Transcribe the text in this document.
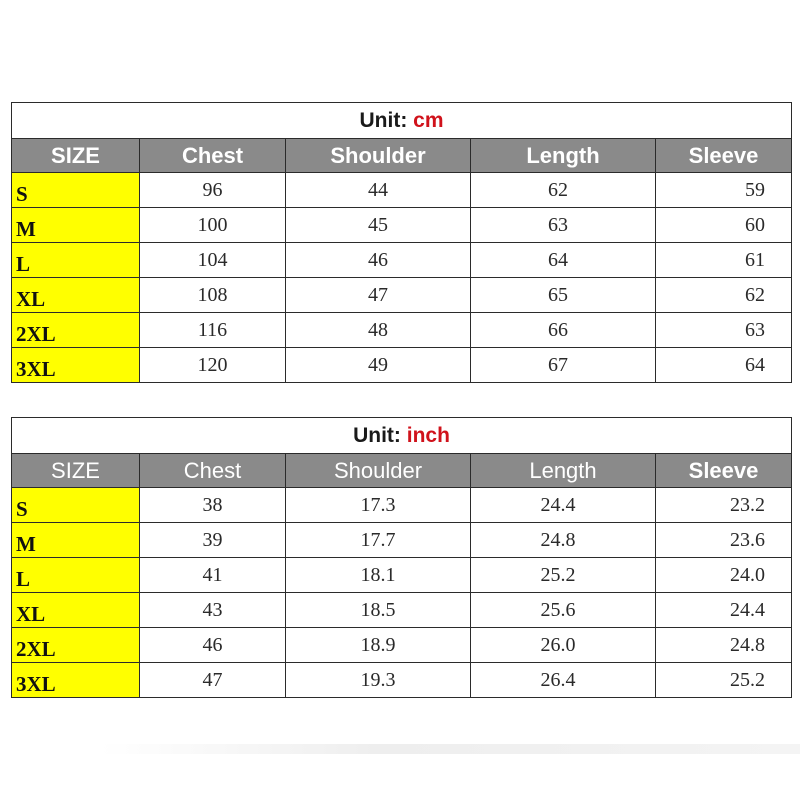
Unit: cm				
SIZE	Chest	Shoulder	Length	Sleeve
S	96	44	62	59
M	100	45	63	60
L	104	46	64	61
XL	108	47	65	62
2XL	116	48	66	63
3XL	120	49	67	64
Unit: inch				
SIZE	Chest	Shoulder	Length	Sleeve
S	38	17.3	24.4	23.2
M	39	17.7	24.8	23.6
L	41	18.1	25.2	24.0
XL	43	18.5	25.6	24.4
2XL	46	18.9	26.0	24.8
3XL	47	19.3	26.4	25.2
